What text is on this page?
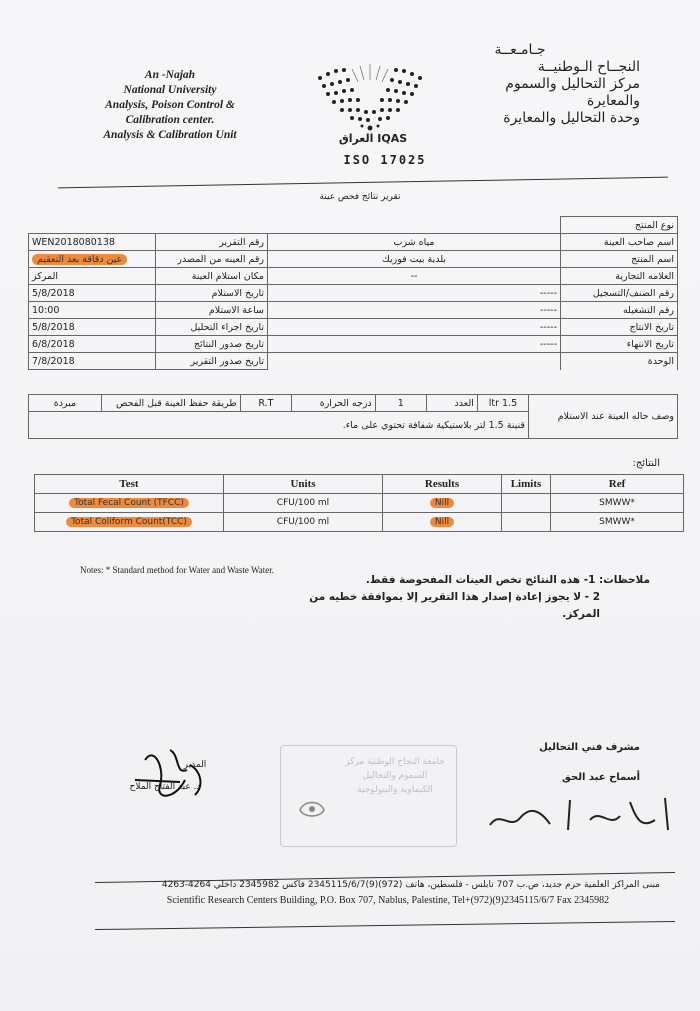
An -Najah
National University
Analysis, Poison Control &
Calibration center.
Analysis & Calibration Unit	العراق IQAS
ISO 17025
جـامـعــة
النجــاح الـوطنيــة
مركز التحاليل والسموم
والمعايرة
وحدة التحاليل والمعايرة
تقرير نتائج فحص عينة
			نوع المنتج
WEN2018080138	رقم التقرير	مياه شرب	اسم صاحب العينة
عين دقاقة بعد التعقيم	رقم العينه من المصدر	بلدية بيت فوريك	اسم المنتج
المركز	مكان استلام العينة	--	العلامه التجارية
5/8/2018	تاريخ الاستلام	-----	رقم الصنف/التسجيل
10:00	ساعة الاستلام	-----	رقم التشغيله
5/8/2018	تاريخ اجراء التحليل	-----	تاريخ الانتاج
6/8/2018	تاريخ صدور النتائج	-----	تاريخ الانتهاء
7/8/2018	تاريخ صدور التقرير		الوحدة
مبردة	طريقة حفظ العينة قبل الفحص	R.T	درجه الحرارة	1	العدد	1.5 ltr	وصف حاله العينة عند الاستلام
قنينة 1.5 لتر بلاستيكية شفافة تحتوي على ماء.
النتائج:
Test	Units	Results	Limits	Ref
Total Fecal Count (TFCC)	CFU/100 ml	Nill		SMWW*
Total Coliform Count(TCC)	CFU/100 ml	Nill		SMWW*
Notes: * Standard method for Water and Waste Water.
ملاحظات: 1- هذه النتائج تخص العينات المفحوصة فقط.
2 - لا يجوز إعادة إصدار هذا التقرير إلا بموافقة خطيه من المركز.
مشرف فني التحاليل
أسماح عبد الحق
المدير
د. عبد الفتاح الملاح
جامعة النجاح الوطنية مركز السموم والتحاليل الكيماوية والبيولوجية
مبنى المراكز العلمية حرم جديد، ص.ب 707 نابلس - فلسطين، هاتف (972)(9)2345115/6/7 فاكس 2345982 داخلي 4264-4263
Scientific Research Centers Building, P.O. Box 707, Nablus, Palestine, Tel+(972)(9)2345115/6/7 Fax 2345982
